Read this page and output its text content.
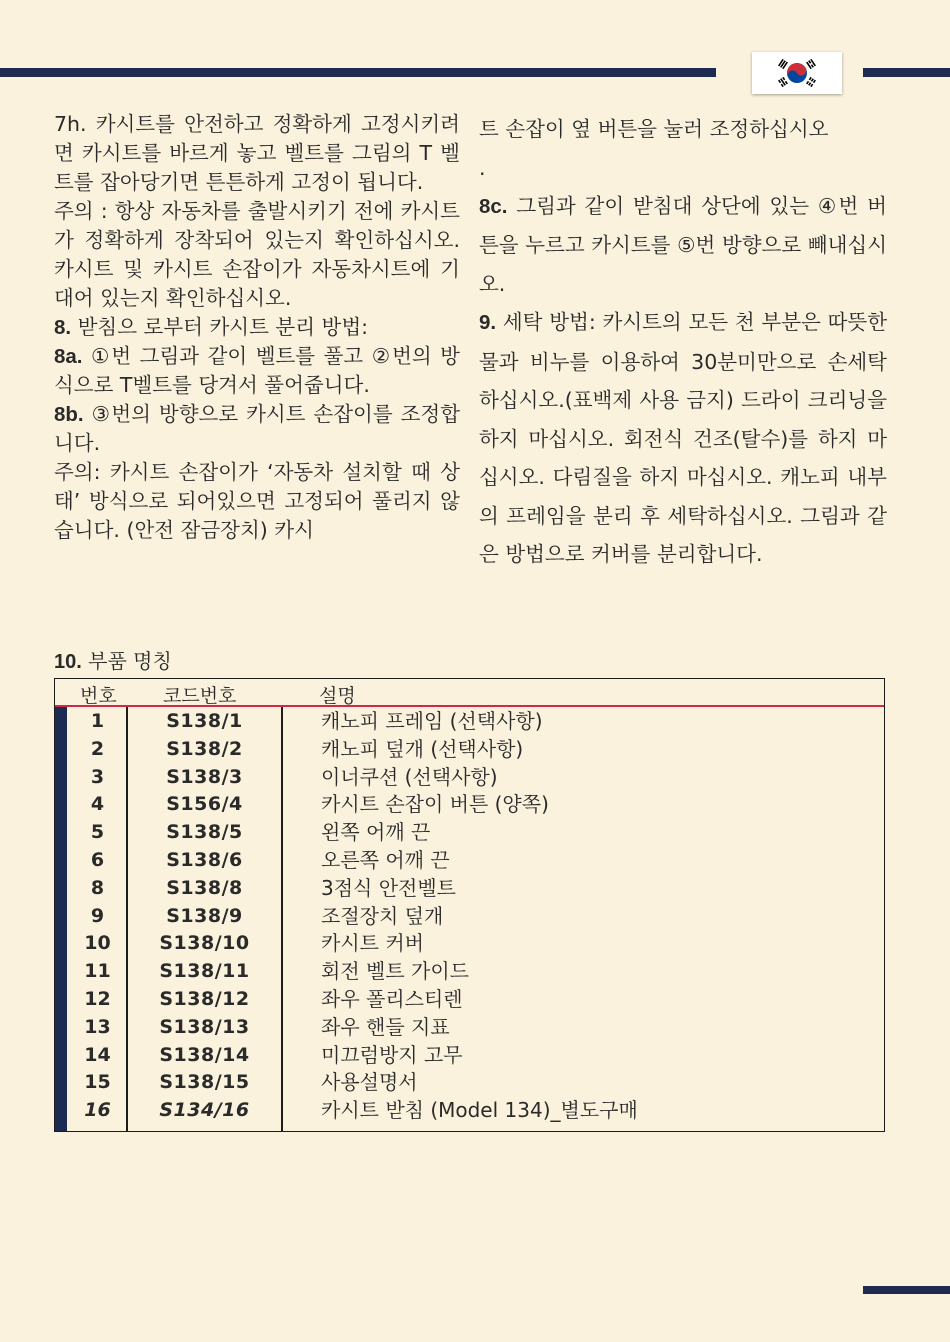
7h. 카시트를 안전하고 정확하게 고정시키려면 카시트를 바르게 놓고 벨트를 그림의 T 벨트를 잡아당기면 튼튼하게 고정이 됩니다.

주의 : 항상 자동차를 출발시키기 전에 카시트가 정확하게 장착되어 있는지 확인하십시오. 카시트 및 카시트 손잡이가 자동차시트에 기대어 있는지 확인하십시오.

8. 받침으 로부터 카시트 분리 방법:

8a. ①번 그림과 같이 벨트를 풀고 ②번의 방식으로 T벨트를 당겨서 풀어줍니다.

8b. ③번의 방향으로 카시트 손잡이를 조정합니다.

주의: 카시트 손잡이가 ‘자동차 설치할 때 상태’ 방식으로 되어있으면 고정되어 풀리지 않습니다. (안전 잠금장치) 카시

트 손잡이 옆 버튼을 눌러 조정하십시오

.

8c. 그림과 같이 받침대 상단에 있는 ④번 버튼을 누르고 카시트를 ⑤번 방향으로 빼내십시오.

9. 세탁 방법: 카시트의 모든 천 부분은 따뜻한 물과 비누를 이용하여 30분미만으로 손세탁 하십시오.(표백제 사용 금지) 드라이 크리닝을 하지 마십시오. 회전식 건조(탈수)를 하지 마십시오. 다림질을 하지 마십시오. 캐노피 내부의 프레임을 분리 후 세탁하십시오. 그림과 같은 방법으로 커버를 분리합니다.

10. 부품 명칭
번호 코드번호	설명
1	S138/1	캐노피 프레임 (선택사항)
2	S138/2	캐노피 덮개 (선택사항)
3	S138/3	이너쿠션 (선택사항)
4	S156/4	카시트 손잡이 버튼 (양쪽)
5	S138/5	왼쪽 어깨 끈
6	S138/6	오른쪽 어깨 끈
8	S138/8	3점식 안전벨트
9	S138/9	조절장치 덮개
10	S138/10	카시트 커버
11	S138/11	회전 벨트 가이드
12	S138/12	좌우 폴리스티렌
13	S138/13	좌우 핸들 지표
14	S138/14	미끄럼방지 고무
15	S138/15	사용설명서
16	S134/16	카시트 받침 (Model 134)_별도구매
